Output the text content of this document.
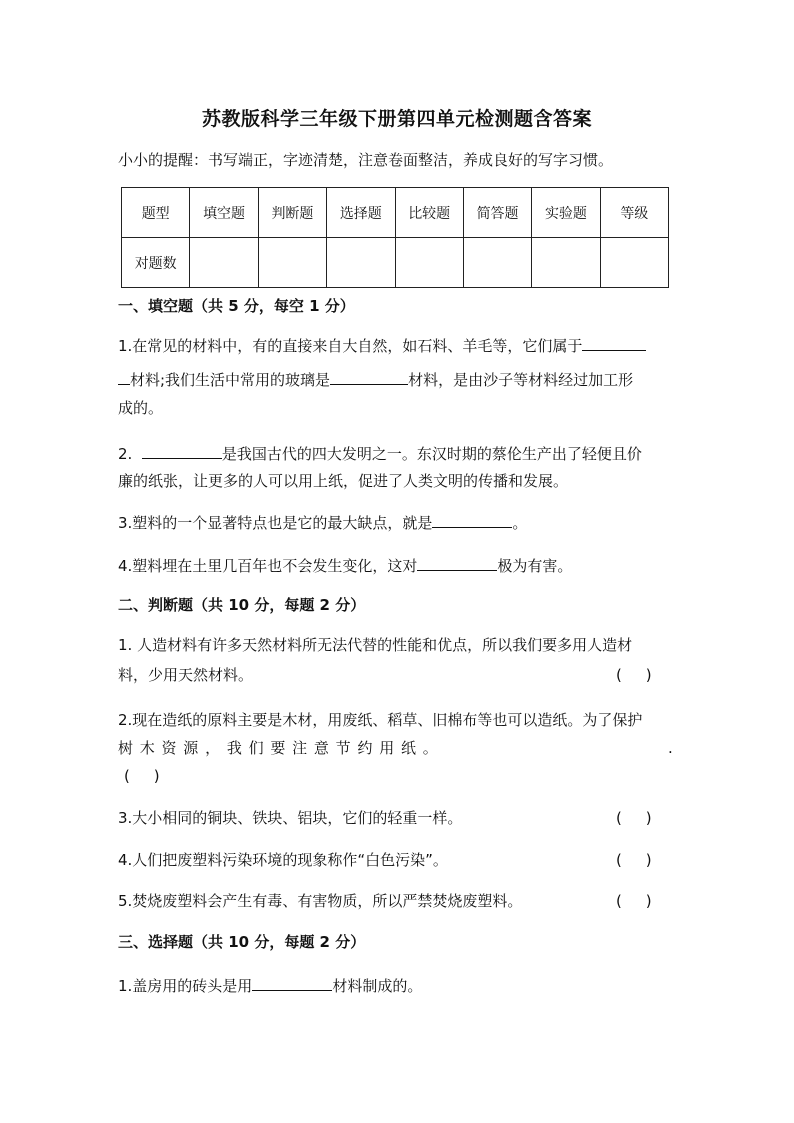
苏教版科学三年级下册第四单元检测题含答案
小小的提醒：书写端正，字迹清楚，注意卷面整洁，养成良好的写字习惯。
题型	填空题	判断题	选择题	比较题	简答题	实验题	等级
对题数							
一、填空题（共 5 分，每空 1 分）
1.在常见的材料中，有的直接来自大自然，如石料、羊毛等，它们属于
材料;我们生活中常用的玻璃是	材料，是由沙子等材料经过加工形
成的。
2.	是我国古代的四大发明之一。东汉时期的蔡伦生产出了轻便且价
廉的纸张，让更多的人可以用上纸，促进了人类文明的传播和发展。
3.塑料的一个显著特点也是它的最大缺点，就是	。
4.塑料埋在土里几百年也不会发生变化，这对	极为有害。
二、判断题（共 10 分，每题 2 分）
1. 人造材料有许多天然材料所无法代替的性能和优点，所以我们要多用人造材
料，少用天然材料。	(     )
2.现在造纸的原料主要是木材，用废纸、稻草、旧棉布等也可以造纸。为了保护
树 木 资 源 ， 我 们 要 注 意 节 约 用 纸 。	.
(     )
3.大小相同的铜块、铁块、铝块，它们的轻重一样。	(     )
4.人们把废塑料污染环境的现象称作“白色污染”。	(     )
5.焚烧废塑料会产生有毒、有害物质，所以严禁焚烧废塑料。	(     )
三、选择题（共 10 分，每题 2 分）
1.盖房用的砖头是用	材料制成的。
